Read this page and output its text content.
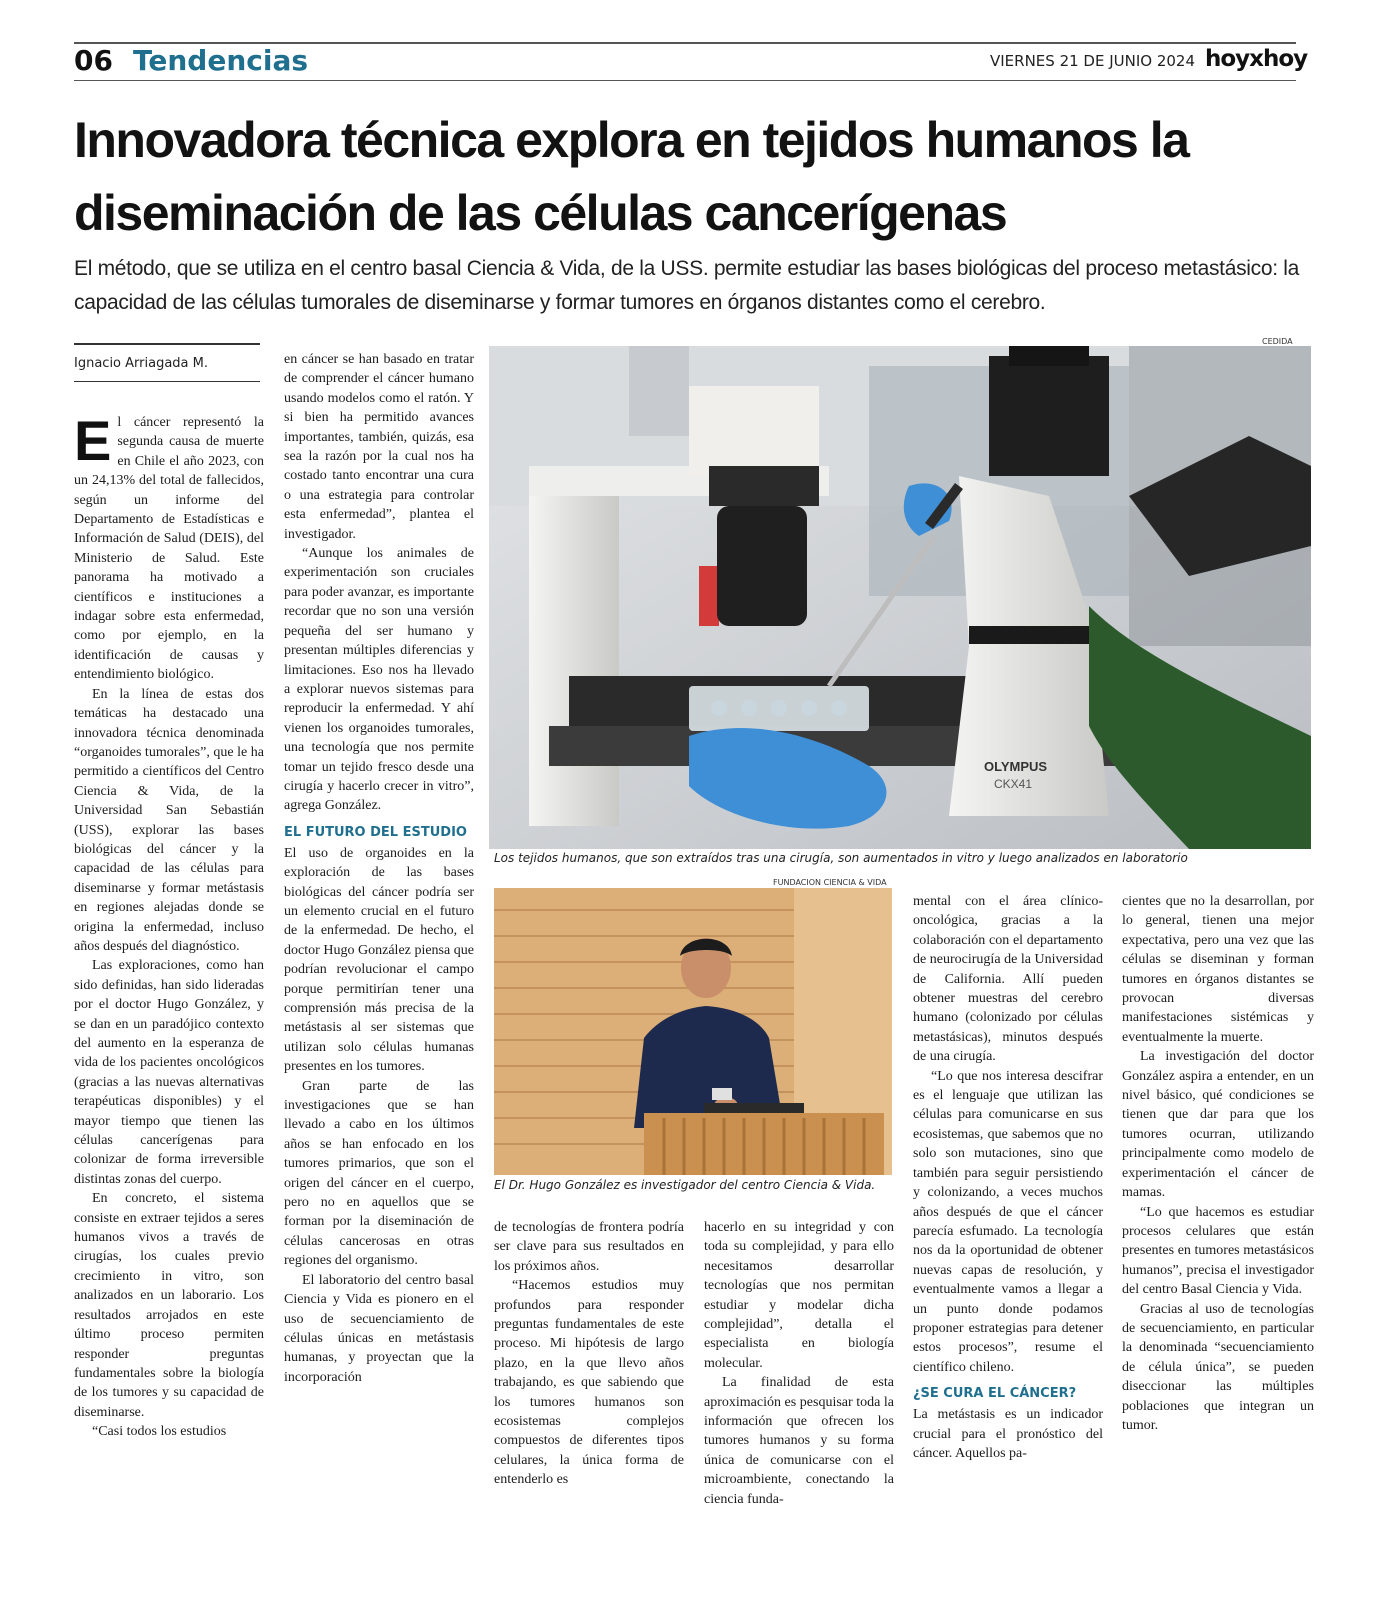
06 Tendencias	VIERNES 21 DE JUNIO 2024 hoyxhoy
Innovadora técnica explora en tejidos humanos la diseminación de las células cancerígenas

El método, que se utiliza en el centro basal Ciencia & Vida, de la USS. permite estudiar las bases biológicas del proceso metastásico: la capacidad de las células tumorales de diseminarse y formar tumores en órganos distantes como el cerebro.

Ignacio Arriagada M.

El cáncer representó la segunda causa de muerte en Chile el año 2023, con un 24,13% del total de fallecidos, según un informe del Departamento de Estadísticas e Información de Salud (DEIS), del Ministerio de Salud. Este panorama ha motivado a científicos e instituciones a indagar sobre esta enfermedad, como por ejemplo, en la identificación de causas y entendimiento biológico.

En la línea de estas dos temáticas ha destacado una innovadora técnica denominada “organoides tumorales”, que le ha permitido a científicos del Centro Ciencia & Vida, de la Universidad San Sebastián (USS), explorar las bases biológicas del cáncer y la capacidad de las células para diseminarse y formar metástasis en regiones alejadas donde se origina la enfermedad, incluso años después del diagnóstico.

Las exploraciones, como han sido definidas, han sido lideradas por el doctor Hugo González, y se dan en un paradójico contexto del aumento en la esperanza de vida de los pacientes oncológicos (gracias a las nuevas alternativas terapéuticas disponibles) y el mayor tiempo que tienen las células cancerígenas para colonizar de forma irreversible distintas zonas del cuerpo.

En concreto, el sistema consiste en extraer tejidos a seres humanos vivos a través de cirugías, los cuales previo crecimiento in vitro, son analizados en un laborario. Los resultados arrojados en este último proceso permiten responder preguntas fundamentales sobre la biología de los tumores y su capacidad de diseminarse.

“Casi todos los estudios

en cáncer se han basado en tratar de comprender el cáncer humano usando modelos como el ratón. Y si bien ha permitido avances importantes, también, quizás, esa sea la razón por la cual nos ha costado tanto encontrar una cura o una estrategia para controlar esta enfermedad”, plantea el investigador.

“Aunque los animales de experimentación son cruciales para poder avanzar, es importante recordar que no son una versión pequeña del ser humano y presentan múltiples diferencias y limitaciones. Eso nos ha llevado a explorar nuevos sistemas para reproducir la enfermedad. Y ahí vienen los organoides tumorales, una tecnología que nos permite tomar un tejido fresco desde una cirugía y hacerlo crecer in vitro”, agrega González.

EL FUTURO DEL ESTUDIO

El uso de organoides en la exploración de las bases biológicas del cáncer podría ser un elemento crucial en el futuro de la enfermedad. De hecho, el doctor Hugo González piensa que podrían revolucionar el campo porque permitirían tener una comprensión más precisa de la metástasis al ser sistemas que utilizan solo células humanas presentes en los tumores.

Gran parte de las investigaciones que se han llevado a cabo en los últimos años se han enfocado en los tumores primarios, que son el origen del cáncer en el cuerpo, pero no en aquellos que se forman por la diseminación de células cancerosas en otras regiones del organismo.

El laboratorio del centro basal Ciencia y Vida es pionero en el uso de secuenciamiento de células únicas en metástasis humanas, y proyectan que la incorporación

CEDIDA
OLYMPUS
CKX41
Los tejidos humanos, que son extraídos tras una cirugía, son aumentados in vitro y luego analizados en laboratorio
FUNDACION CIENCIA & VIDA
El Dr. Hugo González es investigador del centro Ciencia & Vida.

de tecnologías de frontera podría ser clave para sus resultados en los próximos años.

“Hacemos estudios muy profundos para responder preguntas fundamentales de este proceso. Mi hipótesis de largo plazo, en la que llevo años trabajando, es que sabiendo que los tumores humanos son ecosistemas complejos compuestos de diferentes tipos celulares, la única forma de entenderlo es

hacerlo en su integridad y con toda su complejidad, y para ello necesitamos desarrollar tecnologías que nos permitan estudiar y modelar dicha complejidad”, detalla el especialista en biología molecular.

La finalidad de esta aproximación es pesquisar toda la información que ofrecen los tumores humanos y su forma única de comunicarse con el microambiente, conectando la ciencia funda-

mental con el área clínico-oncológica, gracias a la colaboración con el departamento de neurocirugía de la Universidad de California. Allí pueden obtener muestras del cerebro humano (colonizado por células metastásicas), minutos después de una cirugía.

“Lo que nos interesa descifrar es el lenguaje que utilizan las células para comunicarse en sus ecosistemas, que sabemos que no solo son mutaciones, sino que también para seguir persistiendo y colonizando, a veces muchos años después de que el cáncer parecía esfumado. La tecnología nos da la oportunidad de obtener nuevas capas de resolución, y eventualmente vamos a llegar a un punto donde podamos proponer estrategias para detener estos procesos”, resume el científico chileno.

¿SE CURA EL CÁNCER?

La metástasis es un indicador crucial para el pronóstico del cáncer. Aquellos pa-

cientes que no la desarrollan, por lo general, tienen una mejor expectativa, pero una vez que las células se diseminan y forman tumores en órganos distantes se provocan diversas manifestaciones sistémicas y eventualmente la muerte.

La investigación del doctor González aspira a entender, en un nivel básico, qué condiciones se tienen que dar para que los tumores ocurran, utilizando principalmente como modelo de experimentación el cáncer de mamas.

“Lo que hacemos es estudiar procesos celulares que están presentes en tumores metastásicos humanos”, precisa el investigador del centro Basal Ciencia y Vida.

Gracias al uso de tecnologías de secuenciamiento, en particular la denominada “secuenciamiento de célula única”, se pueden diseccionar las múltiples poblaciones que integran un tumor.
